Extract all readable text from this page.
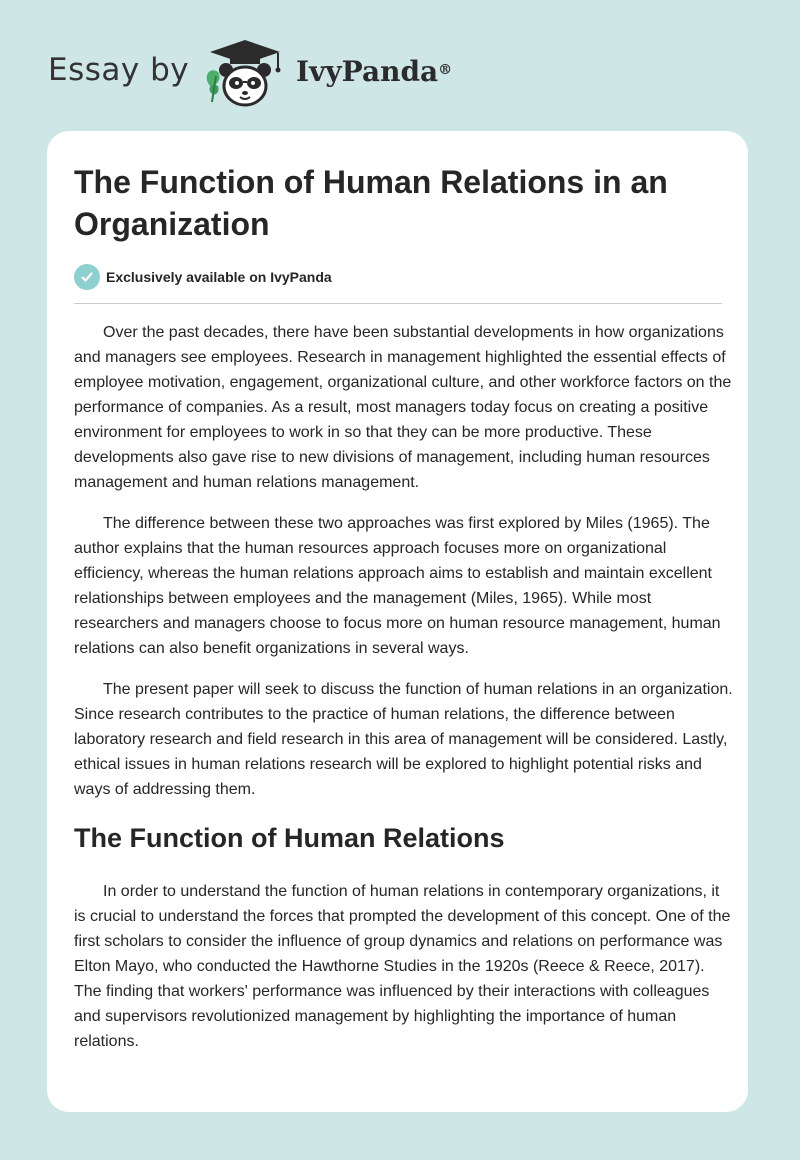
Essay by	IvyPanda®
The Function of Human Relations in an Organization
Exclusively available on IvyPanda

Over the past decades, there have been substantial developments in how organizations and managers see employees. Research in management highlighted the essential effects of employee motivation, engagement, organizational culture, and other workforce factors on the performance of companies. As a result, most managers today focus on creating a positive environment for employees to work in so that they can be more productive. These developments also gave rise to new divisions of management, including human resources management and human relations management.

The difference between these two approaches was first explored by Miles (1965). The author explains that the human resources approach focuses more on organizational efficiency, whereas the human relations approach aims to establish and maintain excellent relationships between employees and the management (Miles, 1965). While most researchers and managers choose to focus more on human resource management, human relations can also benefit organizations in several ways.

The present paper will seek to discuss the function of human relations in an organization. Since research contributes to the practice of human relations, the difference between laboratory research and field research in this area of management will be considered. Lastly, ethical issues in human relations research will be explored to highlight potential risks and ways of addressing them.

The Function of Human Relations

In order to understand the function of human relations in contemporary organizations, it is crucial to understand the forces that prompted the development of this concept. One of the first scholars to consider the influence of group dynamics and relations on performance was Elton Mayo, who conducted the Hawthorne Studies in the 1920s (Reece & Reece, 2017). The finding that workers' performance was influenced by their interactions with colleagues and supervisors revolutionized management by highlighting the importance of human relations.
